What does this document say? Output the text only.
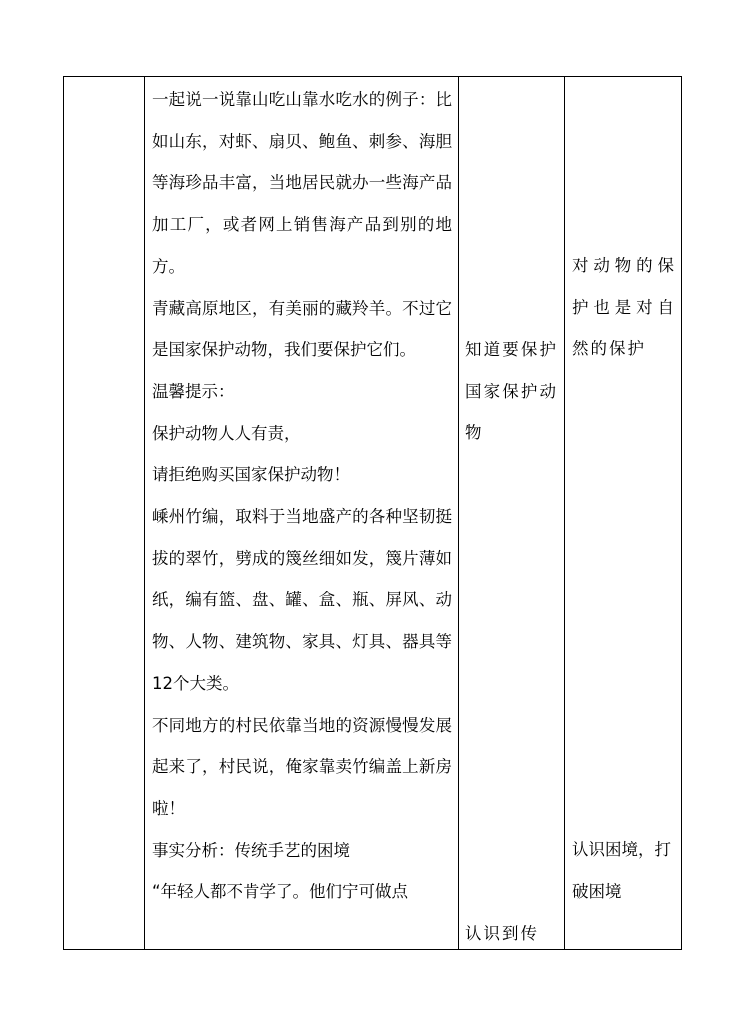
一起说一说靠山吃山靠水吃水的例子：比如山东，对虾、扇贝、鲍鱼、刺参、海胆等海珍品丰富，当地居民就办一些海产品加工厂，或者网上销售海产品到别的地方。

青藏高原地区，有美丽的藏羚羊。不过它是国家保护动物，我们要保护它们。

温馨提示：

保护动物人人有责，

请拒绝购买国家保护动物！

嵊州竹编，取料于当地盛产的各种坚韧挺拔的翠竹，劈成的篾丝细如发，篾片薄如纸，编有篮、盘、罐、盒、瓶、屏风、动物、人物、建筑物、家具、灯具、器具等12个大类。

不同地方的村民依靠当地的资源慢慢发展起来了，村民说，俺家靠卖竹编盖上新房啦！

事实分析：传统手艺的困境

“年轻人都不肯学了。他们宁可做点

知道要保护国家保护动物

认识到传

对动物的保护也是对自然的保护

认识困境，打破困境
